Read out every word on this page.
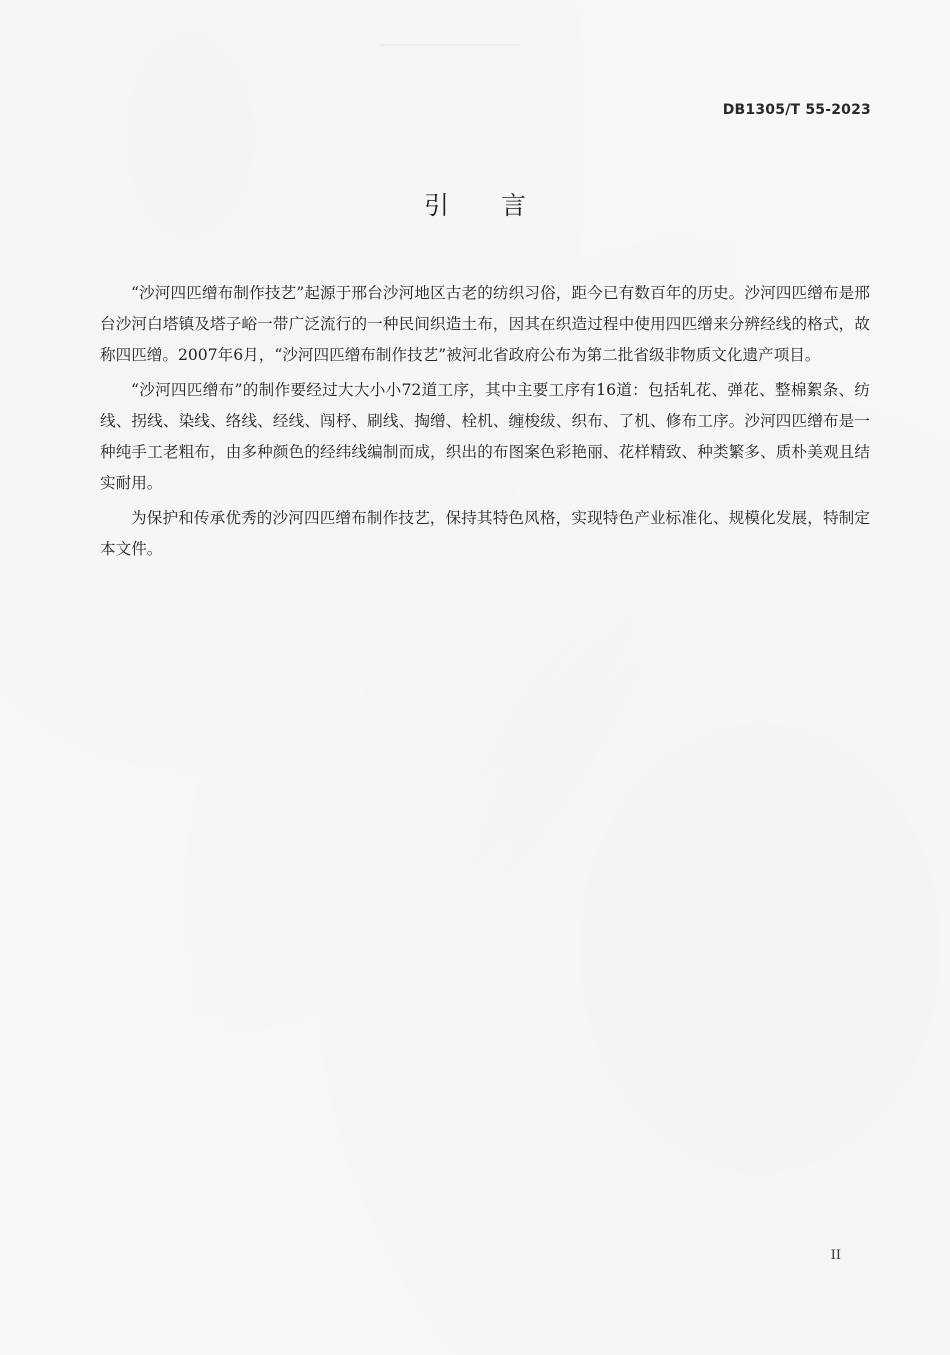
DB1305/T 55-2023
引言

“沙河四匹缯布制作技艺”起源于邢台沙河地区古老的纺织习俗，距今已有数百年的历史。沙河四匹缯布是邢台沙河白塔镇及塔子峪一带广泛流行的一种民间织造土布，因其在织造过程中使用四匹缯来分辨经线的格式，故称四匹缯。2007年6月，“沙河四匹缯布制作技艺”被河北省政府公布为第二批省级非物质文化遗产项目。

“沙河四匹缯布”的制作要经过大大小小72道工序，其中主要工序有16道：包括轧花、弹花、整棉絮条、纺线、拐线、染线、络线、经线、闯杼、刷线、掏缯、栓机、缠梭绂、织布、了机、修布工序。沙河四匹缯布是一种纯手工老粗布，由多种颜色的经纬线编制而成，织出的布图案色彩艳丽、花样精致、种类繁多、质朴美观且结实耐用。

为保护和传承优秀的沙河四匹缯布制作技艺，保持其特色风格，实现特色产业标准化、规模化发展，特制定本文件。

II
